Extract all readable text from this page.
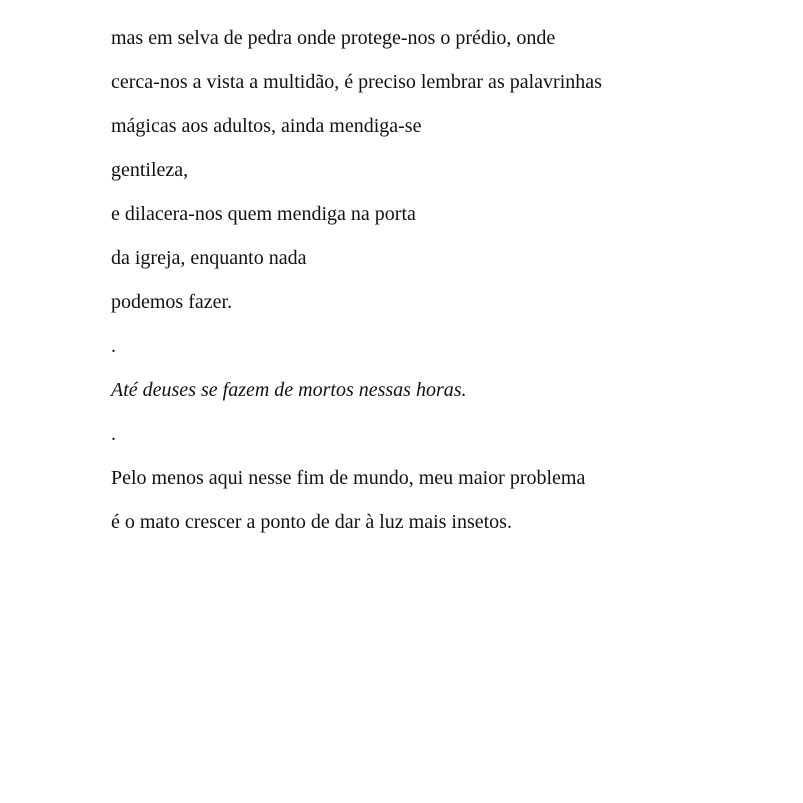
mas em selva de pedra onde protege-nos o prédio, onde

cerca-nos a vista a multidão, é preciso lembrar as palavrinhas

mágicas aos adultos, ainda mendiga-se

gentileza,

e dilacera-nos quem mendiga na porta

da igreja, enquanto nada

podemos fazer.

.

Até deuses se fazem de mortos nessas horas.

.

Pelo menos aqui nesse fim de mundo, meu maior problema

é o mato crescer a ponto de dar à luz mais insetos.
